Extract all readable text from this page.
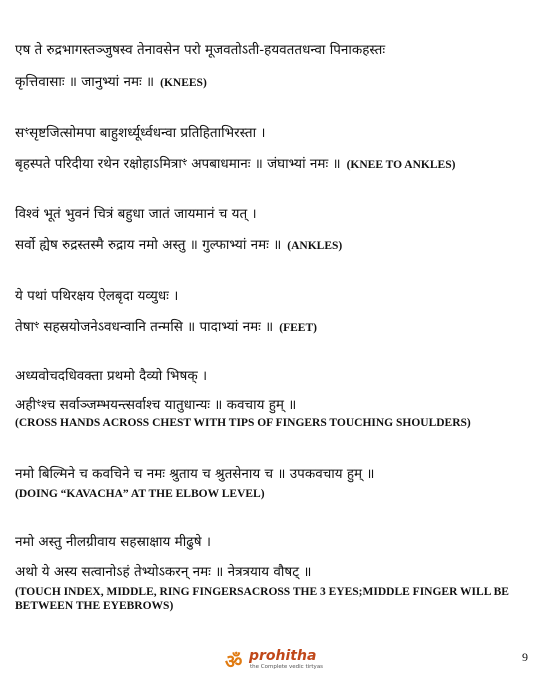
एष ते रुद्रभागस्तञ्जुषस्व तेनावसेन परो मूजवतोऽती-हयवततधन्वा पिनाकहस्तः
कृत्तिवासाः ॥ जानुभ्यां नमः ॥ (KNEES)
सꣳसृष्टजित्सोमपा बाहुशर्ध्यूर्ध्वधन्वा प्रतिहिताभिरस्ता ।
बृहस्पते परिदीया रथेन रक्षोहाऽमित्राꣳ अपबाधमानः ॥ जंघाभ्यां नमः ॥ (KNEE TO ANKLES)
विश्वं भूतं भुवनं चित्रं बहुधा जातं जायमानं च यत् ।
सर्वो ह्येष रुद्रस्तस्मै रुद्राय नमो अस्तु ॥ गुल्फाभ्यां नमः ॥ (ANKLES)
ये पथां पथिरक्षय ऐलबृदा यव्युधः ।
तेषाꣳ सहस्रयोजनेऽवधन्वानि तन्मसि ॥ पादाभ्यां नमः ॥ (FEET)
अध्यवोचदधिवक्ता प्रथमो दैव्यो भिषक् ।
अहीꣳश्च सर्वाञ्जम्भयन्त्सर्वाश्च यातुधान्यः ॥ कवचाय हुम् ॥
(CROSS HANDS ACROSS CHEST WITH TIPS OF FINGERS TOUCHING SHOULDERS)
नमो बिल्मिने च कवचिने च नमः श्रुताय च श्रुतसेनाय च ॥ उपकवचाय हुम् ॥
(DOING “KAVACHA” AT THE ELBOW LEVEL)
नमो अस्तु नीलग्रीवाय सहस्राक्षाय मीढुषे ।
अथो ये अस्य सत्वानोऽहं तेभ्योऽकरन् नमः ॥ नेत्रत्रयाय वौषट् ॥
(TOUCH INDEX, MIDDLE, RING FINGERSACROSS THE 3 EYES;MIDDLE FINGER WILL BE BETWEEN THE EYEBROWS)
ॐ prohitha
the Complete vedic tirtyas
9
